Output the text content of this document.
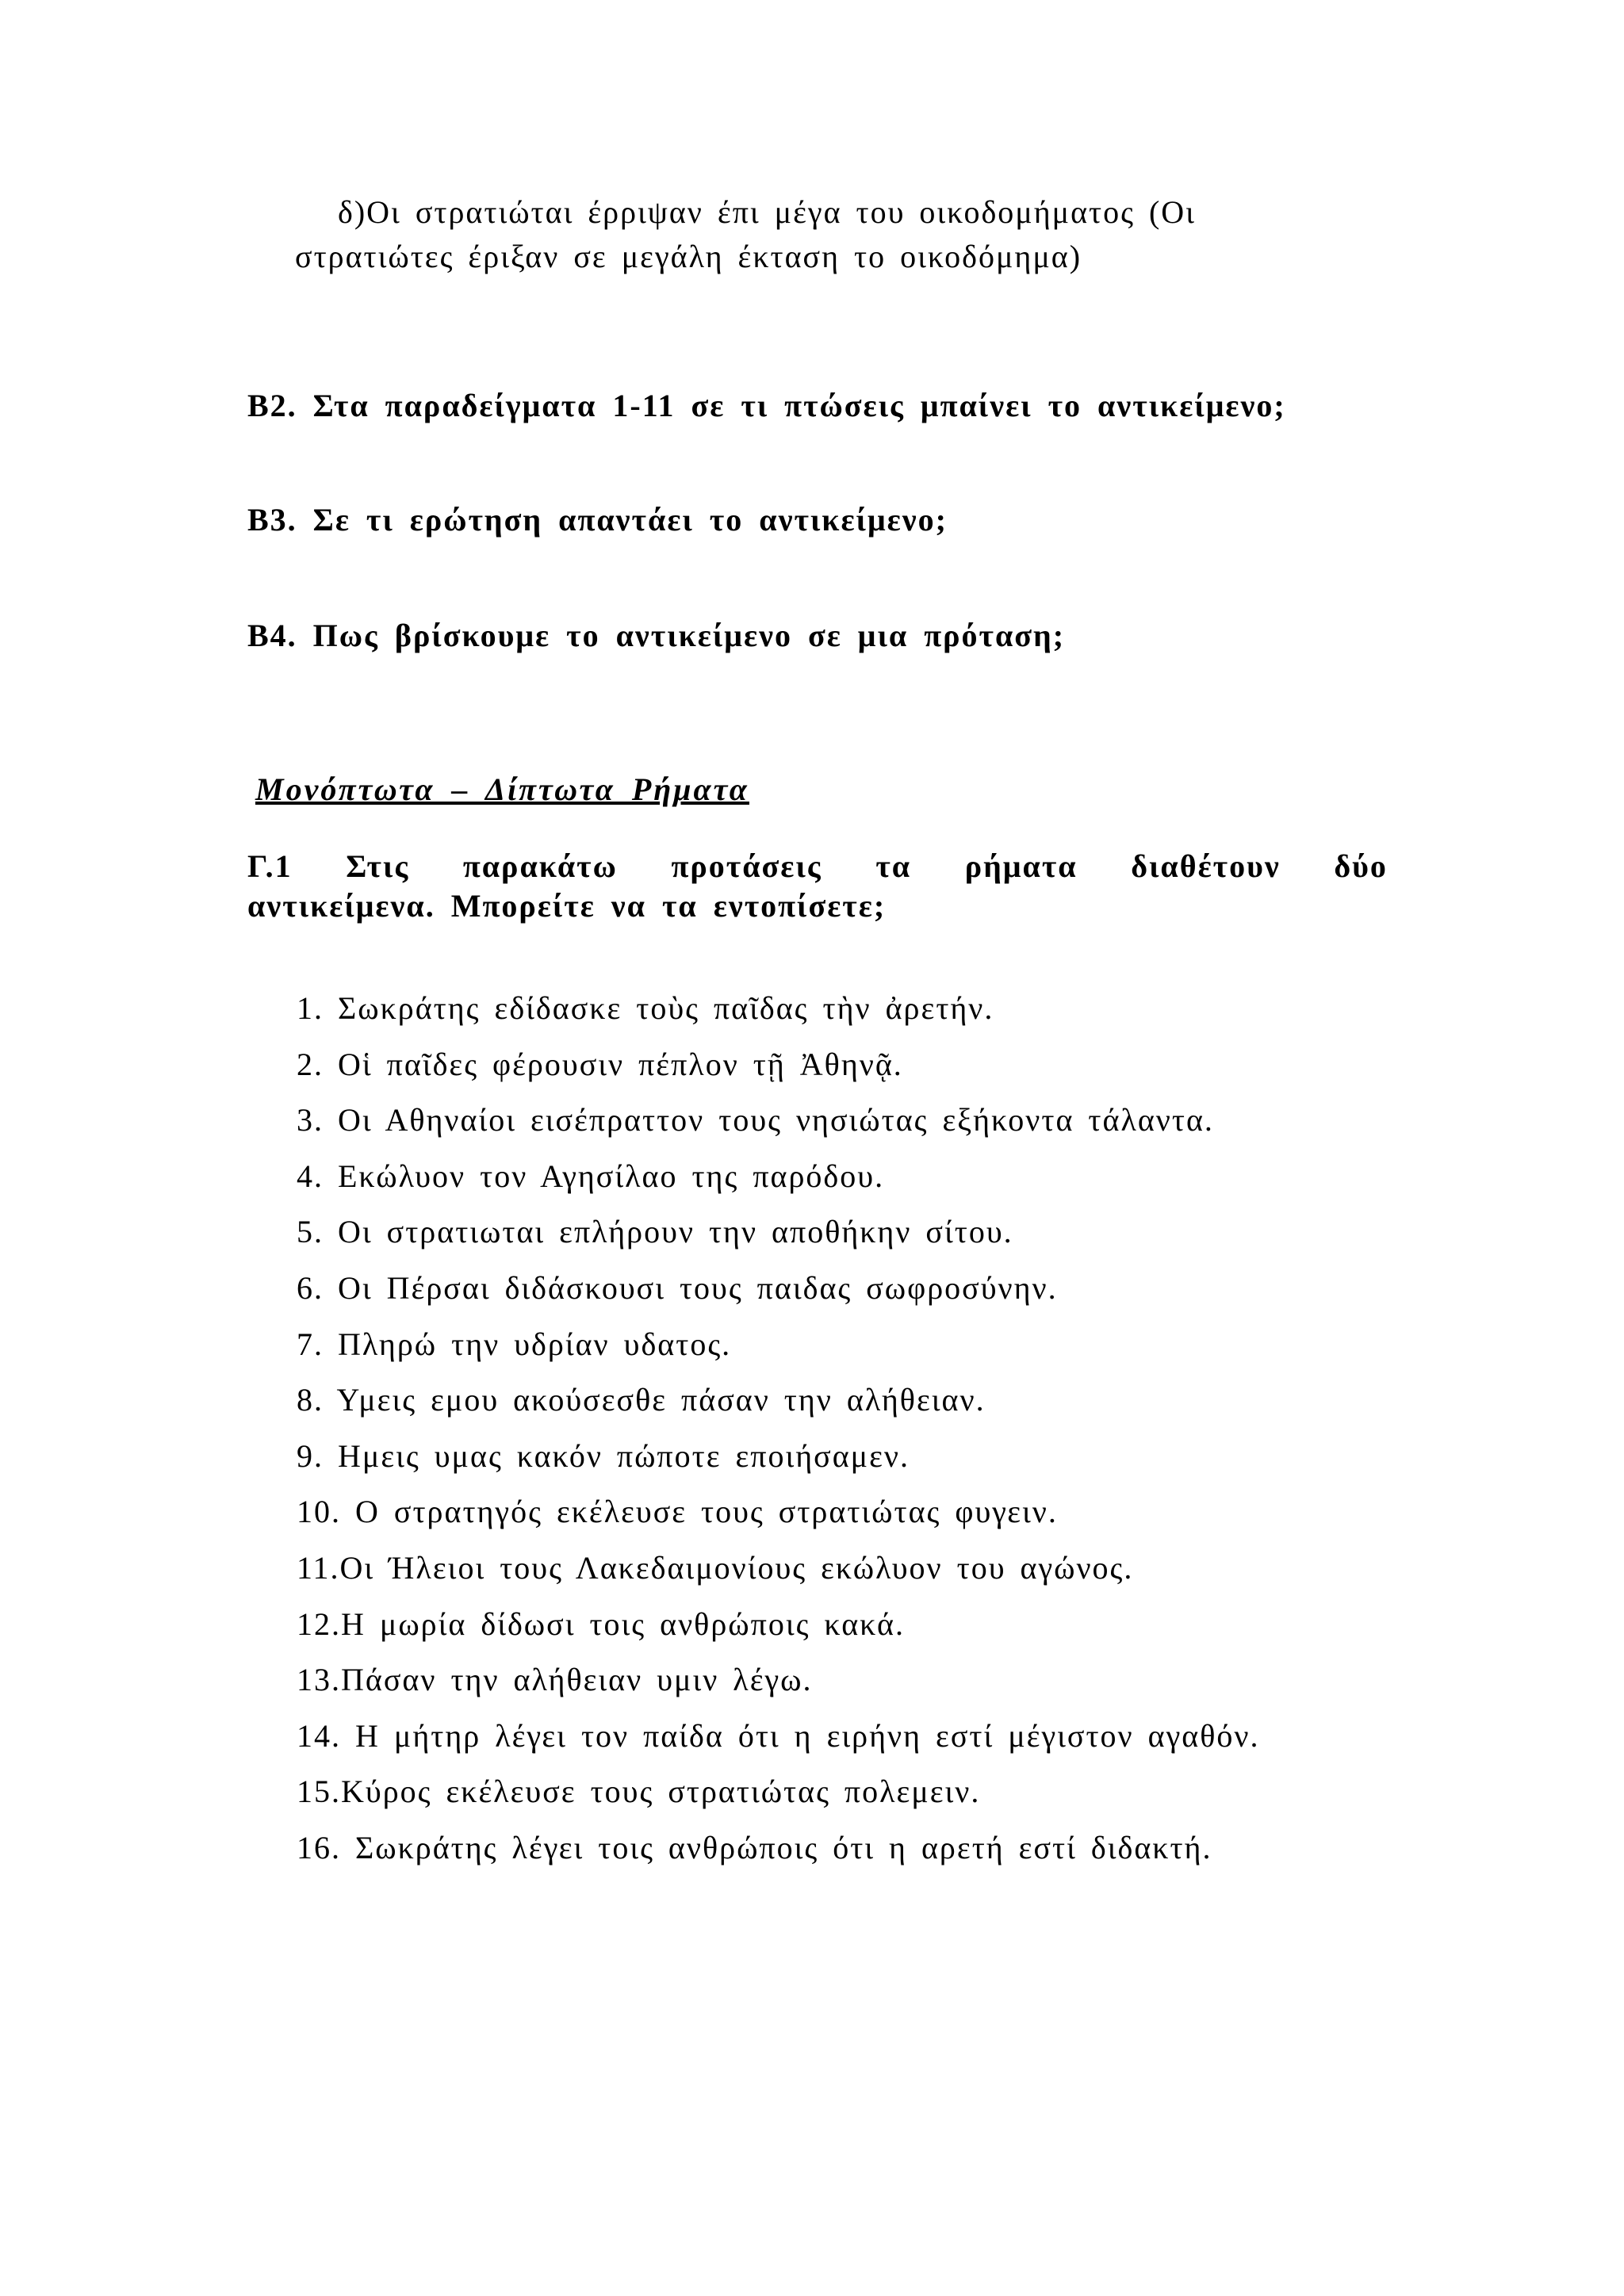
δ)Οι στρατιώται έρριψαν έπι μέγα του οικοδομήματος (Οι
στρατιώτες έριξαν σε μεγάλη έκταση το οικοδόμημα)
B2. Στα παραδείγματα 1-11 σε τι πτώσεις μπαίνει το αντικείμενο;
B3. Σε τι ερώτηση απαντάει το αντικείμενο;
B4. Πως βρίσκουμε το αντικείμενο σε μια πρόταση;
Μονόπτωτα – Δίπτωτα Ρήματα
Γ.1 Στις παρακάτω προτάσεις τα ρήματα διαθέτουν δύο
αντικείμενα. Μπορείτε να τα εντοπίσετε;
1. Σωκράτης εδίδασκε τοὺς παῖδας τὴν ἀρετήν.
2. Οἱ παῖδες φέρουσιν πέπλον τῇ Ἀθηνᾷ.
3. Οι Αθηναίοι εισέπραττον τους νησιώτας εξήκοντα τάλαντα.
4. Εκώλυον τον Αγησίλαο της παρόδου.
5. Οι στρατιωται επλήρουν την αποθήκην σίτου.
6. Οι Πέρσαι διδάσκουσι τους παιδας σωφροσύνην.
7. Πληρώ την υδρίαν υδατος.
8. Υμεις εμου ακούσεσθε πάσαν την αλήθειαν.
9. Ημεις υμας κακόν πώποτε εποιήσαμεν.
10. Ο στρατηγός εκέλευσε τους στρατιώτας φυγειν.
11.Οι Ήλειοι τους Λακεδαιμονίους εκώλυον του αγώνος.
12.Η μωρία δίδωσι τοις ανθρώποις κακά.
13.Πάσαν την αλήθειαν υμιν λέγω.
14. Η μήτηρ λέγει τον παίδα ότι η ειρήνη εστί μέγιστον αγαθόν.
15.Κύρος εκέλευσε τους στρατιώτας πολεμειν.
16. Σωκράτης λέγει τοις ανθρώποις ότι η αρετή εστί διδακτή.
